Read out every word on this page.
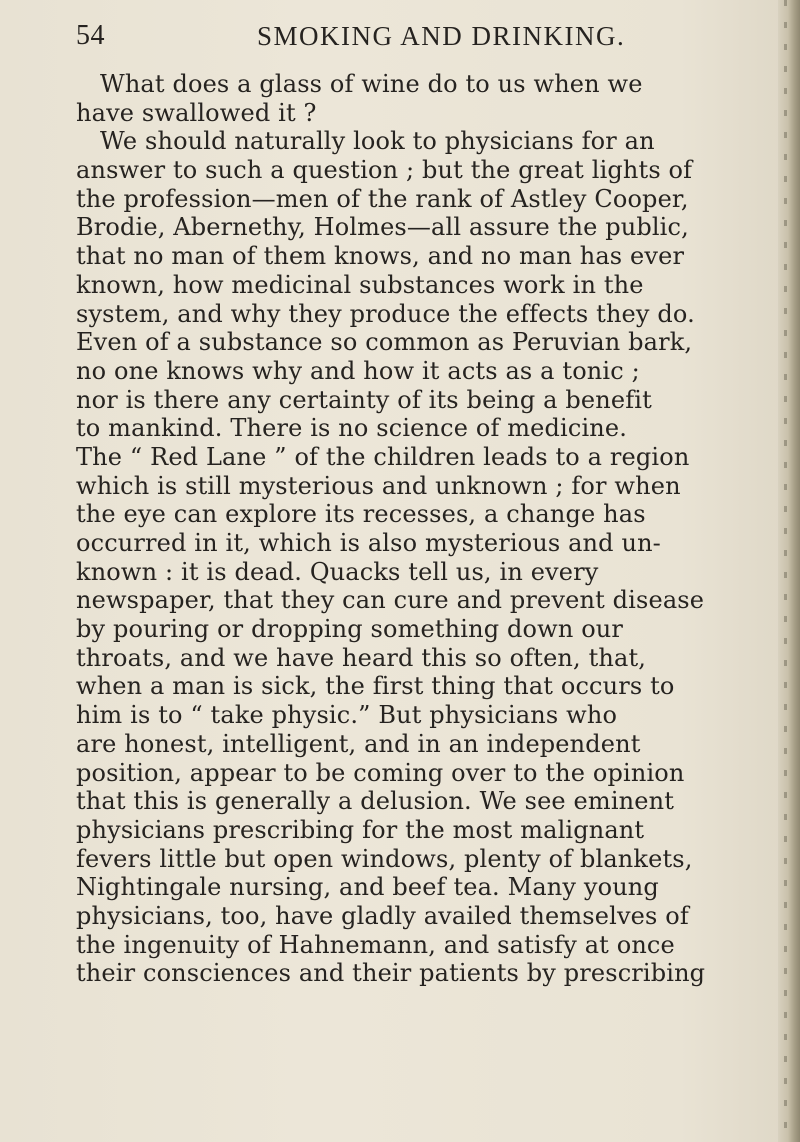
54	SMOKING AND DRINKING.
What does a glass of wine do to us when we
have swallowed it ?
We should naturally look to physicians for an
answer to such a question ; but the great lights of
the profession—men of the rank of Astley Cooper,
Brodie, Abernethy, Holmes—all assure the public,
that no man of them knows, and no man has ever
known, how medicinal substances work in the
system, and why they produce the effects they do.
Even of a substance so common as Peruvian bark,
no one knows why and how it acts as a tonic ;
nor is there any certainty of its being a benefit
to mankind. There is no science of medicine.
The “ Red Lane ” of the children leads to a region
which is still mysterious and unknown ; for when
the eye can explore its recesses, a change has
occurred in it, which is also mysterious and un-
known : it is dead. Quacks tell us, in every
newspaper, that they can cure and prevent disease
by pouring or dropping something down our
throats, and we have heard this so often, that,
when a man is sick, the first thing that occurs to
him is to “ take physic.” But physicians who
are honest, intelligent, and in an independent
position, appear to be coming over to the opinion
that this is generally a delusion. We see eminent
physicians prescribing for the most malignant
fevers little but open windows, plenty of blankets,
Nightingale nursing, and beef tea. Many young
physicians, too, have gladly availed themselves of
the ingenuity of Hahnemann, and satisfy at once
their consciences and their patients by prescribing
